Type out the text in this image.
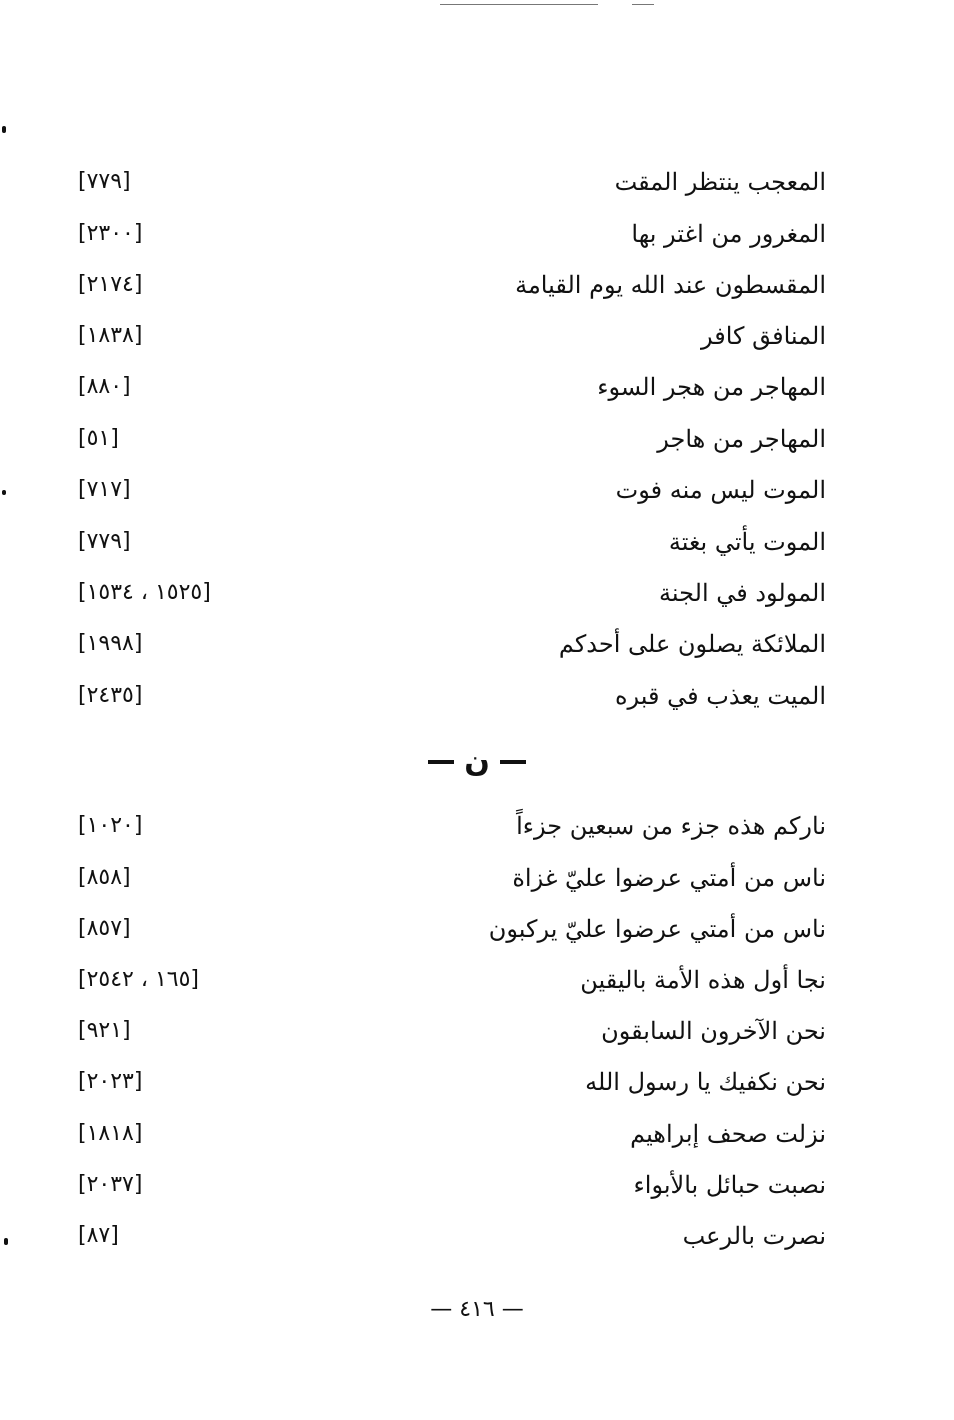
المعجب ينتظر المقت
[٧٧٩]
المغرور من اغتر بها
[٢٣٠٠]
المقسطون عند الله يوم القيامة
[٢١٧٤]
المنافق كافر
[١٨٣٨]
المهاجر من هجر السوء
[٨٨٠]
المهاجر من هاجر
[٥١]
الموت ليس منه فوت
[٧١٧]
الموت يأتي بغتة
[٧٧٩]
المولود في الجنة
[١٥٢٥ ، ١٥٣٤]
الملائكة يصلون على أحدكم
[١٩٩٨]
الميت يعذب في قبره
[٢٤٣٥]
ن
ناركم هذه جزء من سبعين جزءاً
[١٠٢٠]
ناس من أمتي عرضوا عليّ غزاة
[٨٥٨]
ناس من أمتي عرضوا عليّ يركبون
[٨٥٧]
نجا أول هذه الأمة باليقين
[١٦٥ ، ٢٥٤٢]
نحن الآخرون السابقون
[٩٢١]
نحن نكفيك يا رسول الله
[٢٠٢٣]
نزلت صحف إبراهيم
[١٨١٨]
نصبت حبائل بالأبواء
[٢٠٣٧]
نصرت بالرعب
[٨٧]
— ٤١٦ —
